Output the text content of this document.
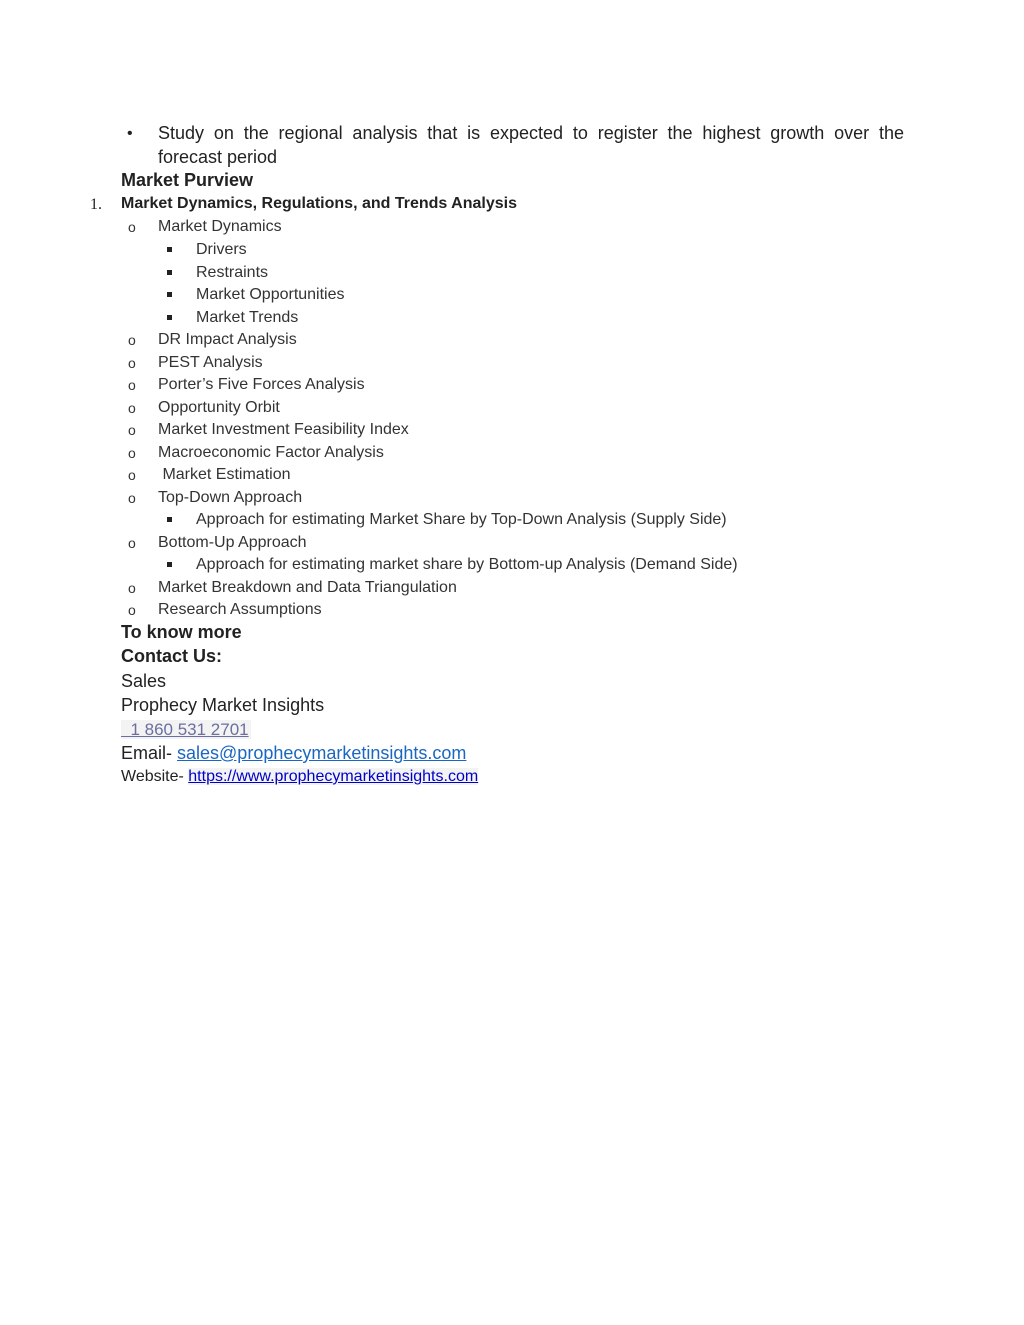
• Study on the regional analysis that is expected to register the highest growth over the forecast period
Market Purview
1. Market Dynamics, Regulations, and Trends Analysis
o Market Dynamics
Drivers
Restraints
Market Opportunities
Market Trends
o DR Impact Analysis
o PEST Analysis
o Porter’s Five Forces Analysis
o Opportunity Orbit
o Market Investment Feasibility Index
o Macroeconomic Factor Analysis
o Market Estimation
o Top-Down Approach
Approach for estimating Market Share by Top-Down Analysis (Supply Side)
o Bottom-Up Approach
Approach for estimating market share by Bottom-up Analysis (Demand Side)
o Market Breakdown and Data Triangulation
o Research Assumptions
To know more
Contact Us:
Sales
Prophecy Market Insights
1 860 531 2701
Email- sales@prophecymarketinsights.com
Website- https://www.prophecymarketinsights.com
